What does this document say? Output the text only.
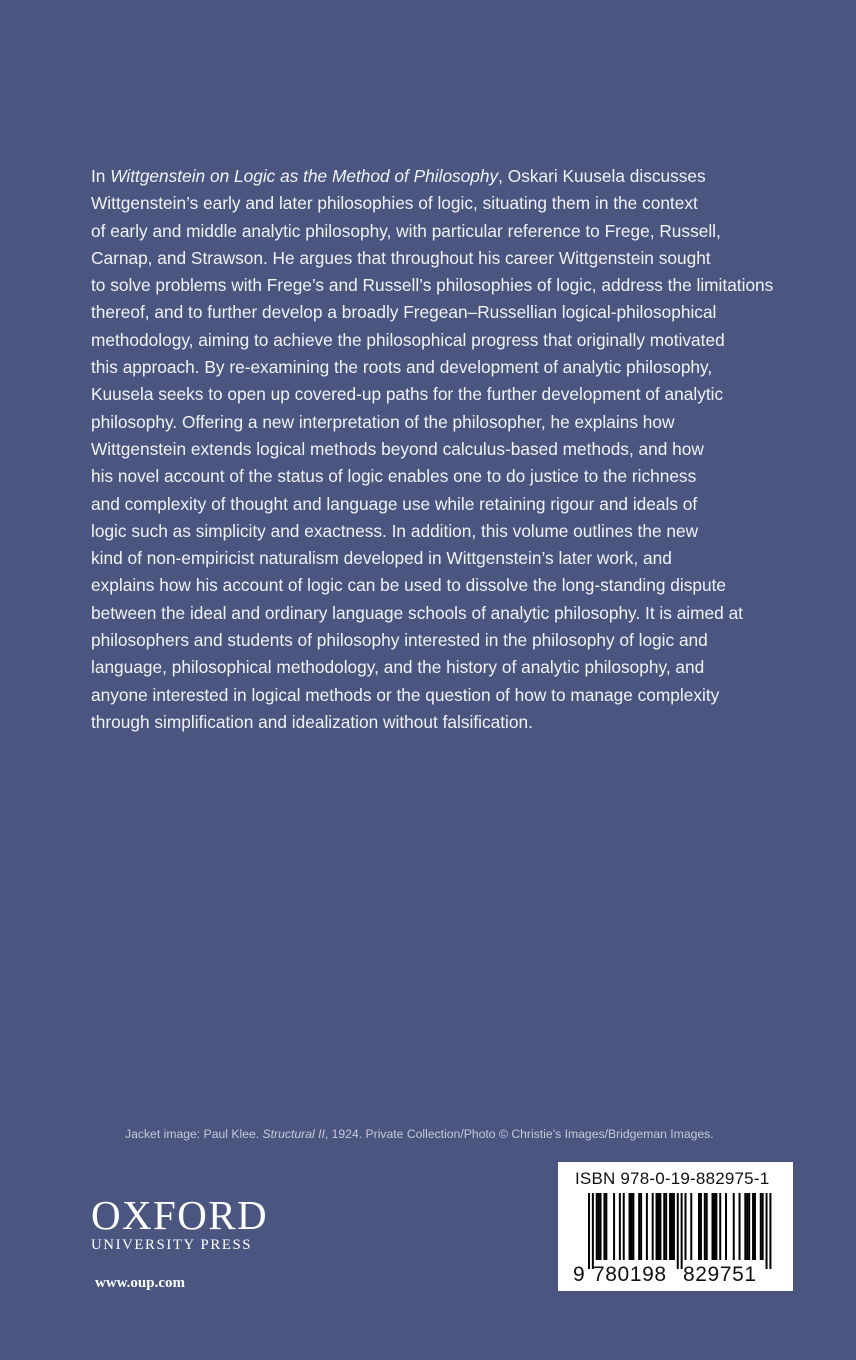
In Wittgenstein on Logic as the Method of Philosophy, Oskari Kuusela discusses
Wittgenstein’s early and later philosophies of logic, situating them in the context
of early and middle analytic philosophy, with particular reference to Frege, Russell,
Carnap, and Strawson. He argues that throughout his career Wittgenstein sought
to solve problems with Frege’s and Russell’s philosophies of logic, address the limitations
thereof, and to further develop a broadly Fregean–Russellian logical-philosophical
methodology, aiming to achieve the philosophical progress that originally motivated
this approach. By re-examining the roots and development of analytic philosophy,
Kuusela seeks to open up covered-up paths for the further development of analytic
philosophy. Offering a new interpretation of the philosopher, he explains how
Wittgenstein extends logical methods beyond calculus-based methods, and how
his novel account of the status of logic enables one to do justice to the richness
and complexity of thought and language use while retaining rigour and ideals of
logic such as simplicity and exactness. In addition, this volume outlines the new
kind of non-empiricist naturalism developed in Wittgenstein’s later work, and
explains how his account of logic can be used to dissolve the long-standing dispute
between the ideal and ordinary language schools of analytic philosophy. It is aimed at
philosophers and students of philosophy interested in the philosophy of logic and
language, philosophical methodology, and the history of analytic philosophy, and
anyone interested in logical methods or the question of how to manage complexity
through simplification and idealization without falsification.

Jacket image: Paul Klee. Structural II, 1924. Private Collection/Photo © Christie’s Images/Bridgeman Images.

OXFORD
UNIVERSITY PRESS
www.oup.com
ISBN 978-0-19-882975-1
9 780198 829751
